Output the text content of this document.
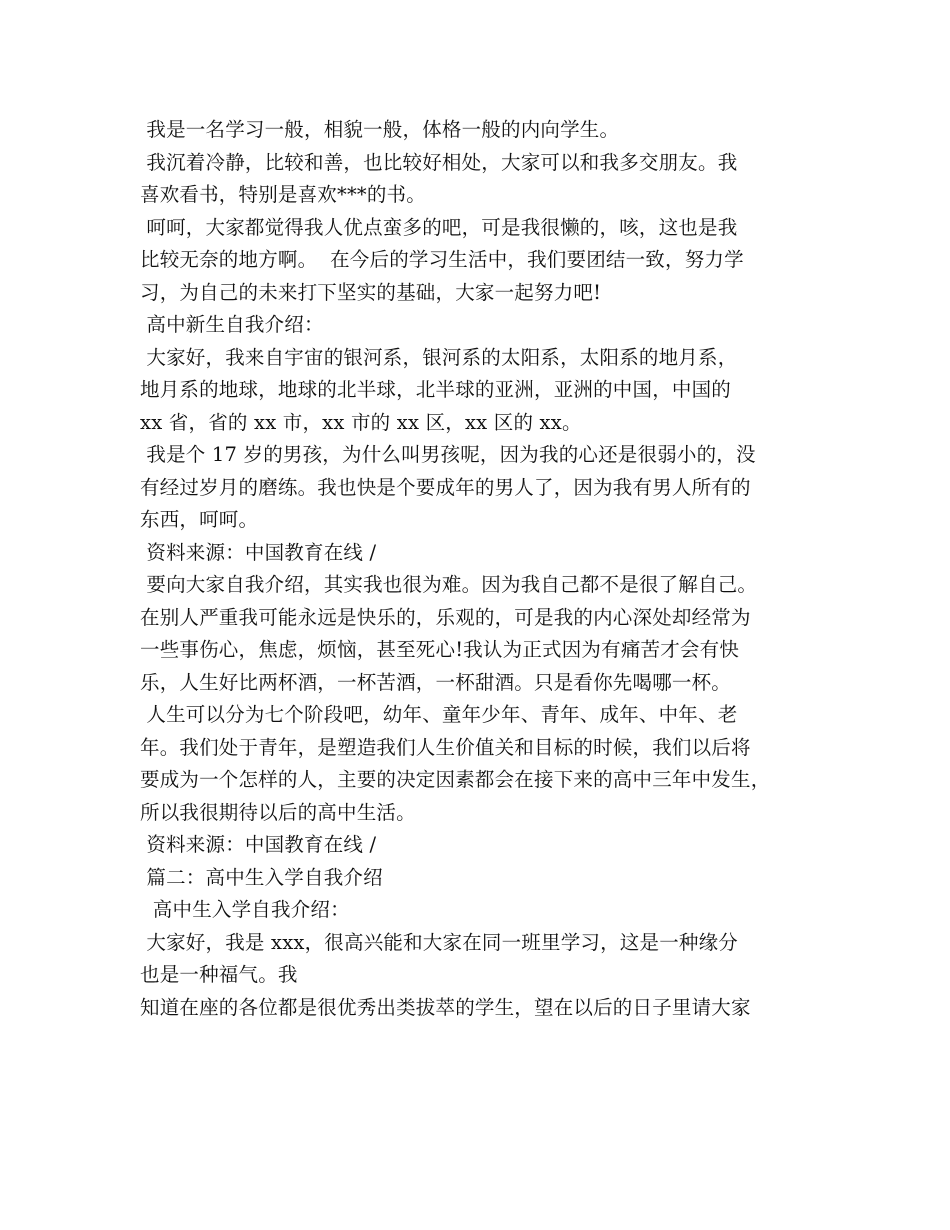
我是一名学习一般，相貌一般，体格一般的内向学生。
我沉着冷静，比较和善，也比较好相处，大家可以和我多交朋友。我
喜欢看书，特别是喜欢***的书。
呵呵，大家都觉得我人优点蛮多的吧，可是我很懒的，咳，这也是我
比较无奈的地方啊。  在今后的学习生活中，我们要团结一致，努力学
习，为自己的未来打下坚实的基础，大家一起努力吧!
高中新生自我介绍：
大家好，我来自宇宙的银河系，银河系的太阳系，太阳系的地月系，
地月系的地球，地球的北半球，北半球的亚洲，亚洲的中国，中国的
xx 省，省的 xx 市，xx 市的 xx 区，xx 区的 xx。
我是个 17 岁的男孩，为什么叫男孩呢，因为我的心还是很弱小的，没
有经过岁月的磨练。我也快是个要成年的男人了，因为我有男人所有的
东西，呵呵。
资料来源：中国教育在线 /
要向大家自我介绍，其实我也很为难。因为我自己都不是很了解自己。
在别人严重我可能永远是快乐的，乐观的，可是我的内心深处却经常为
一些事伤心，焦虑，烦恼，甚至死心!我认为正式因为有痛苦才会有快
乐，人生好比两杯酒，一杯苦酒，一杯甜酒。只是看你先喝哪一杯。
人生可以分为七个阶段吧，幼年、童年少年、青年、成年、中年、老
年。我们处于青年，是塑造我们人生价值关和目标的时候，我们以后将
要成为一个怎样的人，主要的决定因素都会在接下来的高中三年中发生，
所以我很期待以后的高中生活。
资料来源：中国教育在线 /
篇二：高中生入学自我介绍
高中生入学自我介绍：
大家好，我是 xxx，很高兴能和大家在同一班里学习，这是一种缘分
也是一种福气。我
知道在座的各位都是很优秀出类拔萃的学生，望在以后的日子里请大家
